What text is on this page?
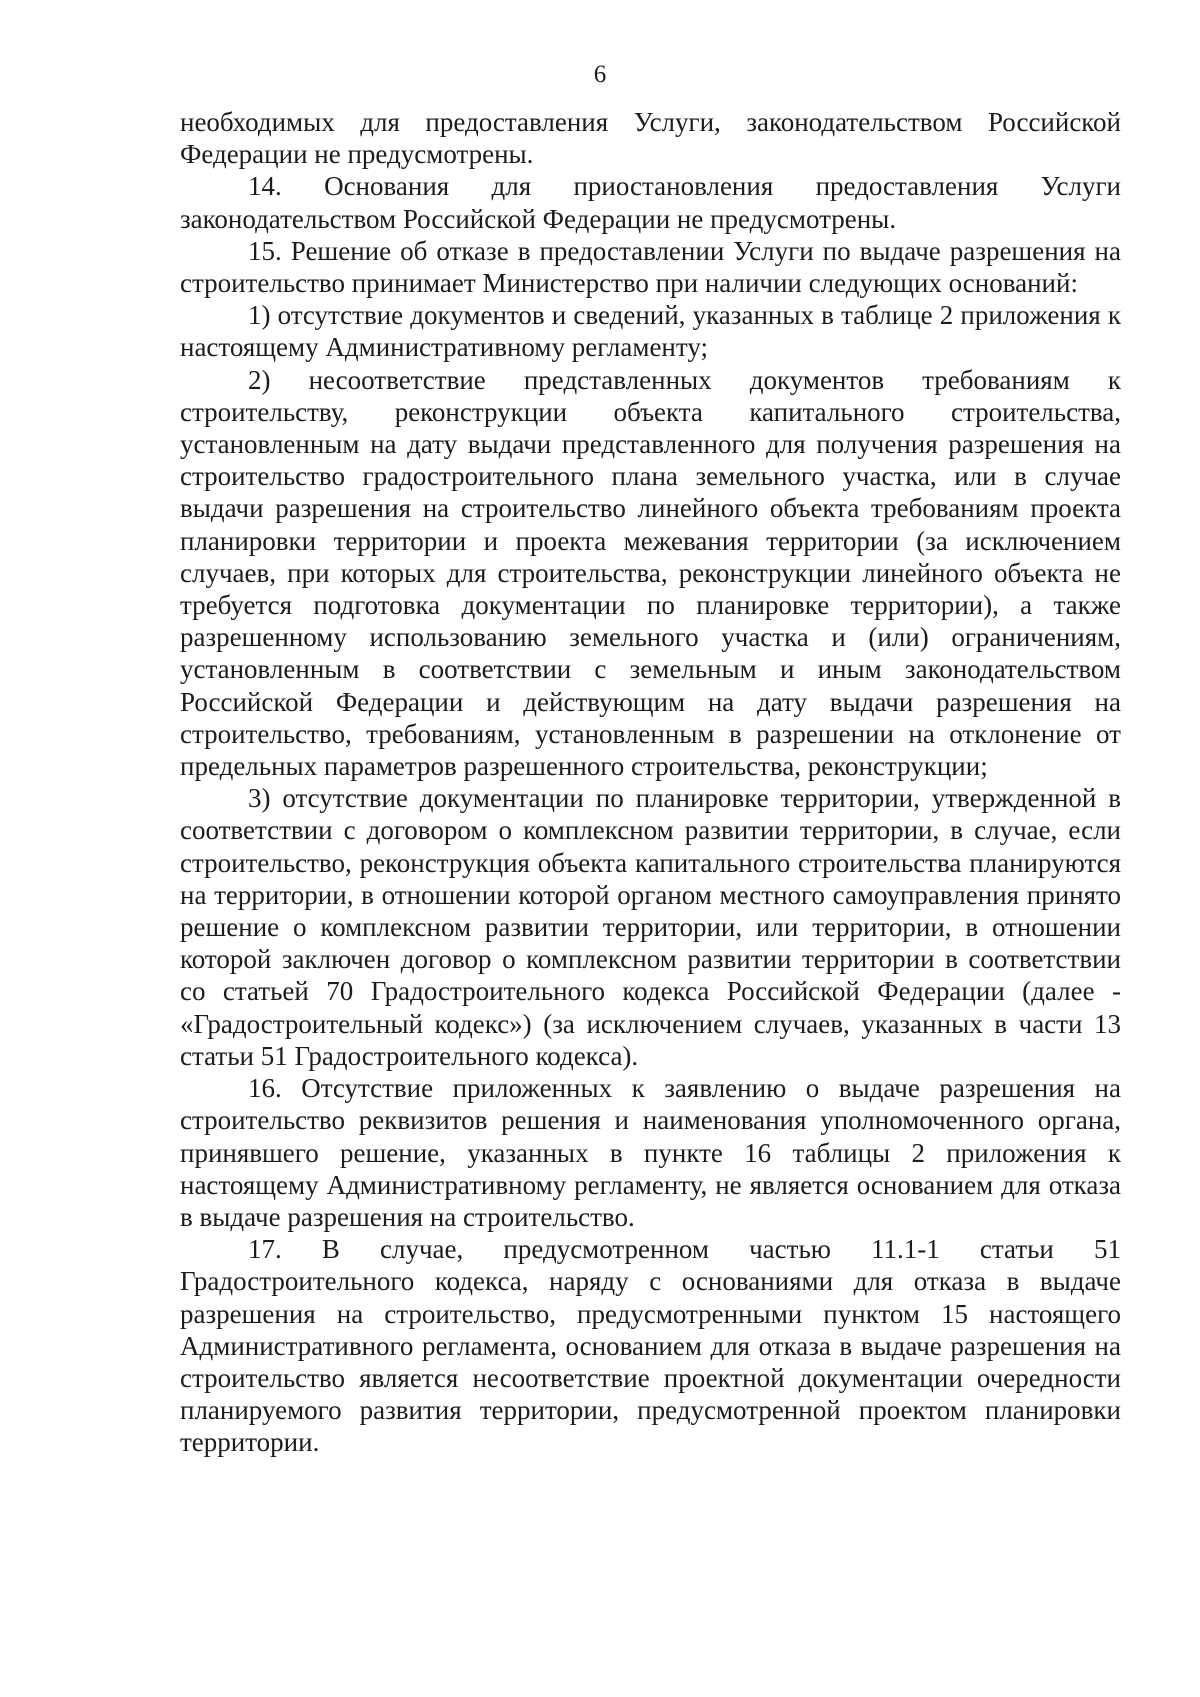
6

необходимых для предоставления Услуги, законодательством Российской Федерации не предусмотрены.

14. Основания для приостановления предоставления Услуги законодательством Российской Федерации не предусмотрены.

15. Решение об отказе в предоставлении Услуги по выдаче разрешения на строительство принимает Министерство при наличии следующих оснований:

1) отсутствие документов и сведений, указанных в таблице 2 приложения к настоящему Административному регламенту;

2) несоответствие представленных документов требованиям к строительству, реконструкции объекта капитального строительства, установленным на дату выдачи представленного для получения разрешения на строительство градостроительного плана земельного участка, или в случае выдачи разрешения на строительство линейного объекта требованиям проекта планировки территории и проекта межевания территории (за исключением случаев, при которых для строительства, реконструкции линейного объекта не требуется подготовка документации по планировке территории), а также разрешенному использованию земельного участка и (или) ограничениям, установленным в соответствии с земельным и иным законодательством Российской Федерации и действующим на дату выдачи разрешения на строительство, требованиям, установленным в разрешении на отклонение от предельных параметров разрешенного строительства, реконструкции;

3) отсутствие документации по планировке территории, утвержденной в соответствии с договором о комплексном развитии территории, в случае, если строительство, реконструкция объекта капитального строительства планируются на территории, в отношении которой органом местного самоуправления принято решение о комплексном развитии территории, или территории, в отношении которой заключен договор о комплексном развитии территории в соответствии со статьей 70 Градостроительного кодекса Российской Федерации (далее - «Градостроительный кодекс») (за исключением случаев, указанных в части 13 статьи 51 Градостроительного кодекса).

16. Отсутствие приложенных к заявлению о выдаче разрешения на строительство реквизитов решения и наименования уполномоченного органа, принявшего решение, указанных в пункте 16 таблицы 2 приложения к настоящему Административному регламенту, не является основанием для отказа в выдаче разрешения на строительство.

17. В случае, предусмотренном частью 11.1-1 статьи 51 Градостроительного кодекса, наряду с основаниями для отказа в выдаче разрешения на строительство, предусмотренными пунктом 15 настоящего Административного регламента, основанием для отказа в выдаче разрешения на строительство является несоответствие проектной документации очередности планируемого развития территории, предусмотренной проектом планировки территории.
